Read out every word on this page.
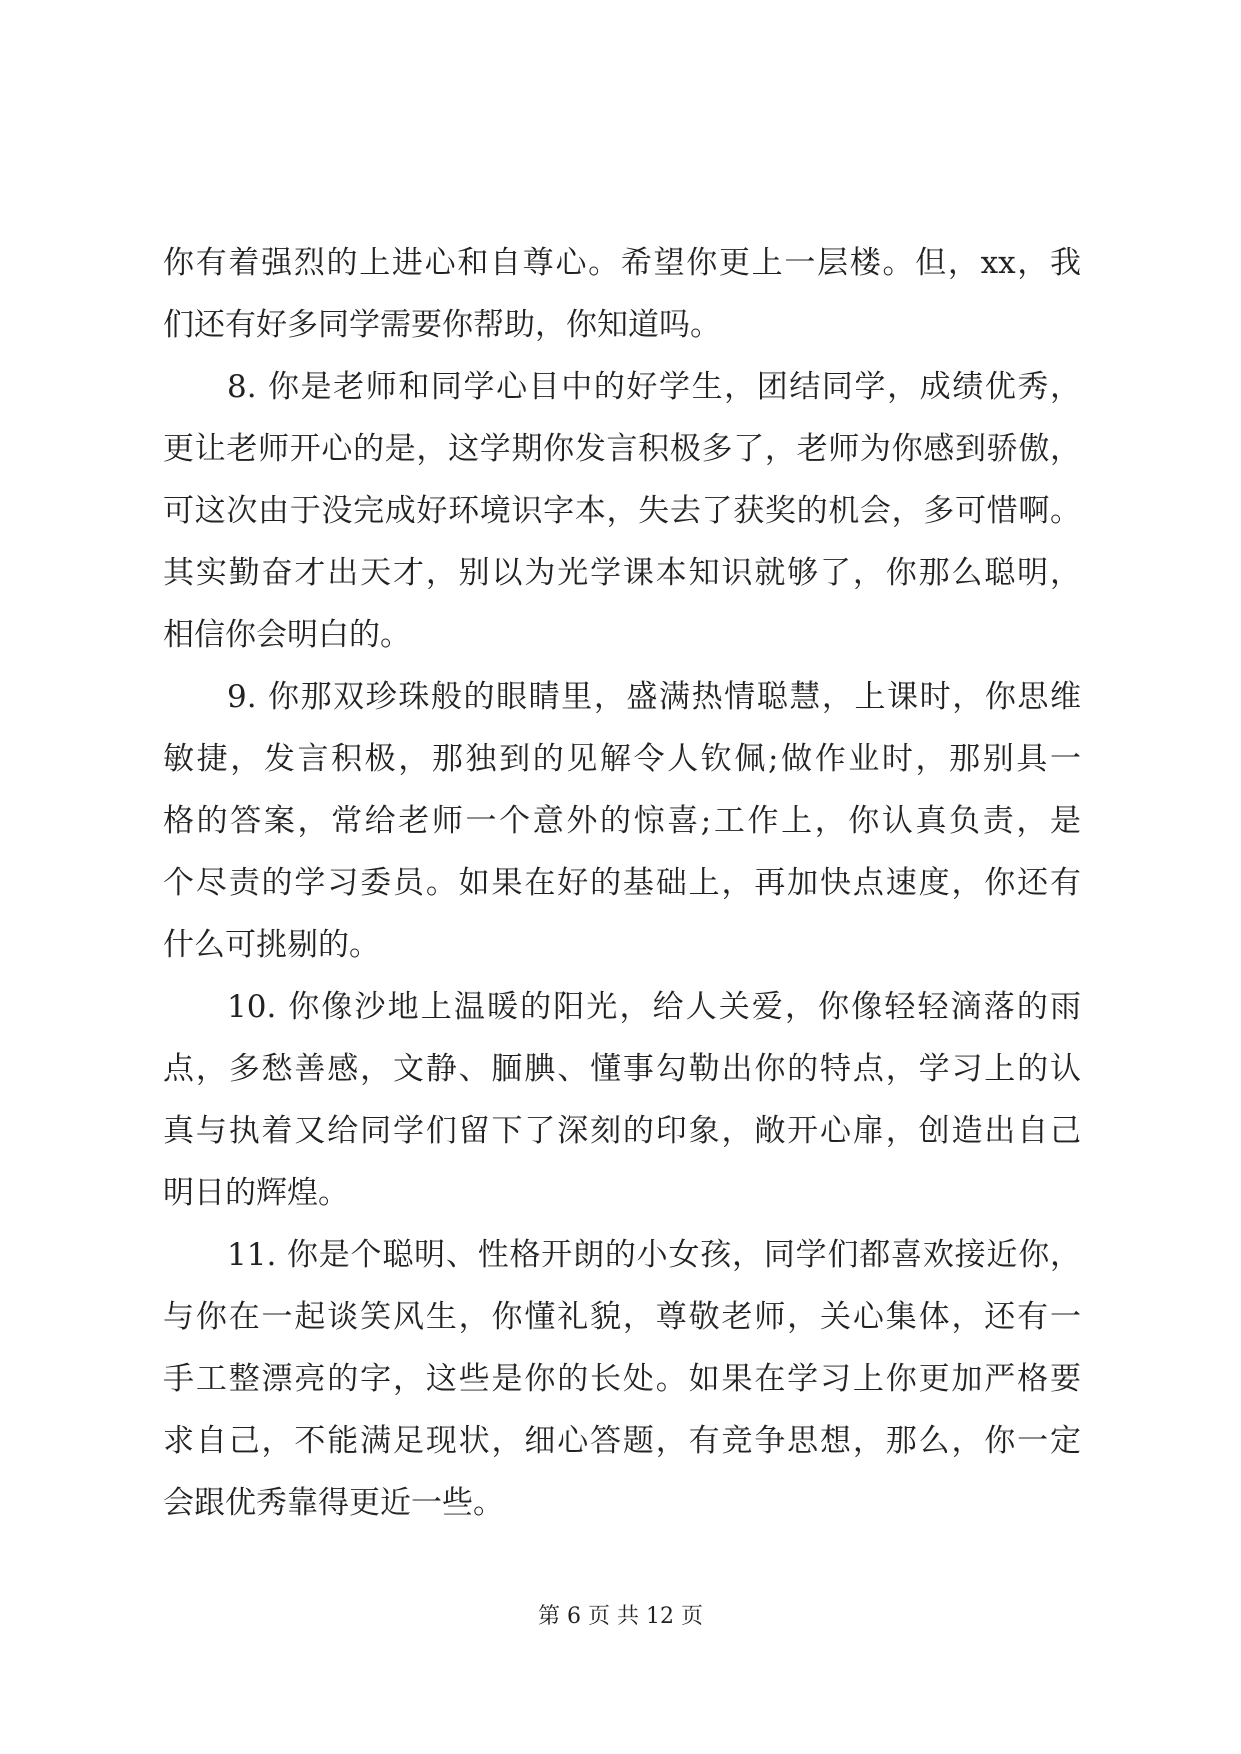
你有着强烈的上进心和自尊心。希望你更上一层楼。但，xx，我
们还有好多同学需要你帮助，你知道吗。
8. 你是老师和同学心目中的好学生，团结同学，成绩优秀，
更让老师开心的是，这学期你发言积极多了，老师为你感到骄傲，
可这次由于没完成好环境识字本，失去了获奖的机会，多可惜啊。
其实勤奋才出天才，别以为光学课本知识就够了，你那么聪明，
相信你会明白的。
9. 你那双珍珠般的眼睛里，盛满热情聪慧，上课时，你思维
敏捷，发言积极，那独到的见解令人钦佩;做作业时，那别具一
格的答案，常给老师一个意外的惊喜;工作上，你认真负责，是
个尽责的学习委员。如果在好的基础上，再加快点速度，你还有
什么可挑剔的。
10. 你像沙地上温暖的阳光，给人关爱，你像轻轻滴落的雨
点，多愁善感，文静、腼腆、懂事勾勒出你的特点，学习上的认
真与执着又给同学们留下了深刻的印象，敞开心扉，创造出自己
明日的辉煌。
11. 你是个聪明、性格开朗的小女孩，同学们都喜欢接近你，
与你在一起谈笑风生，你懂礼貌，尊敬老师，关心集体，还有一
手工整漂亮的字，这些是你的长处。如果在学习上你更加严格要
求自己，不能满足现状，细心答题，有竞争思想，那么，你一定
会跟优秀靠得更近一些。
第 6 页 共 12 页
